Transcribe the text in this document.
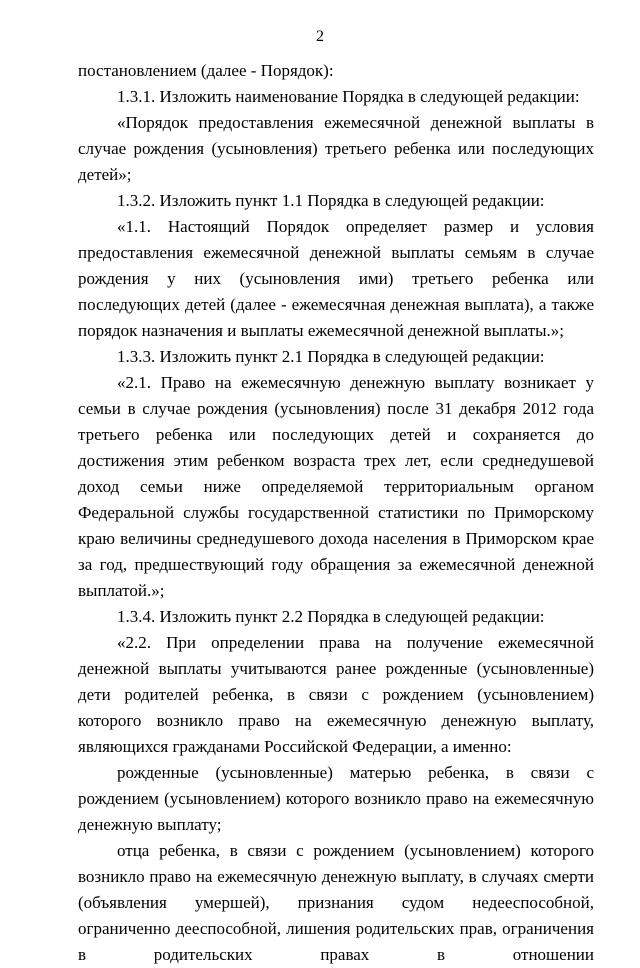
2

постановлением (далее - Порядок):

1.3.1. Изложить наименование Порядка в следующей редакции:

«Порядок предоставления ежемесячной денежной выплаты в случае рождения (усыновления) третьего ребенка или последующих детей»;

1.3.2. Изложить пункт 1.1 Порядка в следующей редакции:

«1.1. Настоящий Порядок определяет размер и условия предоставления ежемесячной денежной выплаты семьям в случае рождения у них (усыновления ими) третьего ребенка или последующих детей (далее - ежемесячная денежная выплата), а также порядок назначения и выплаты ежемесячной денежной выплаты.»;

1.3.3. Изложить пункт 2.1 Порядка в следующей редакции:

«2.1. Право на ежемесячную денежную выплату возникает у семьи в случае рождения (усыновления) после 31 декабря 2012 года третьего ребенка или последующих детей и сохраняется до достижения этим ребенком возраста трех лет, если среднедушевой доход семьи ниже определяемой территориальным органом Федеральной службы государственной статистики по Приморскому краю величины среднедушевого дохода населения в Приморском крае за год, предшествующий году обращения за ежемесячной денежной выплатой.»;

1.3.4. Изложить пункт 2.2 Порядка в следующей редакции:

«2.2. При определении права на получение ежемесячной денежной выплаты учитываются ранее рожденные (усыновленные) дети родителей ребенка, в связи с рождением (усыновлением) которого возникло право на ежемесячную денежную выплату, являющихся гражданами Российской Федерации, а именно:

рожденные (усыновленные) матерью ребенка, в связи с рождением (усыновлением) которого возникло право на ежемесячную денежную выплату;

отца ребенка, в связи с рождением (усыновлением) которого возникло право на ежемесячную денежную выплату, в случаях смерти (объявления умершей), признания судом недееспособной, ограниченно дееспособной, лишения родительских прав, ограничения в родительских правах в отношении
